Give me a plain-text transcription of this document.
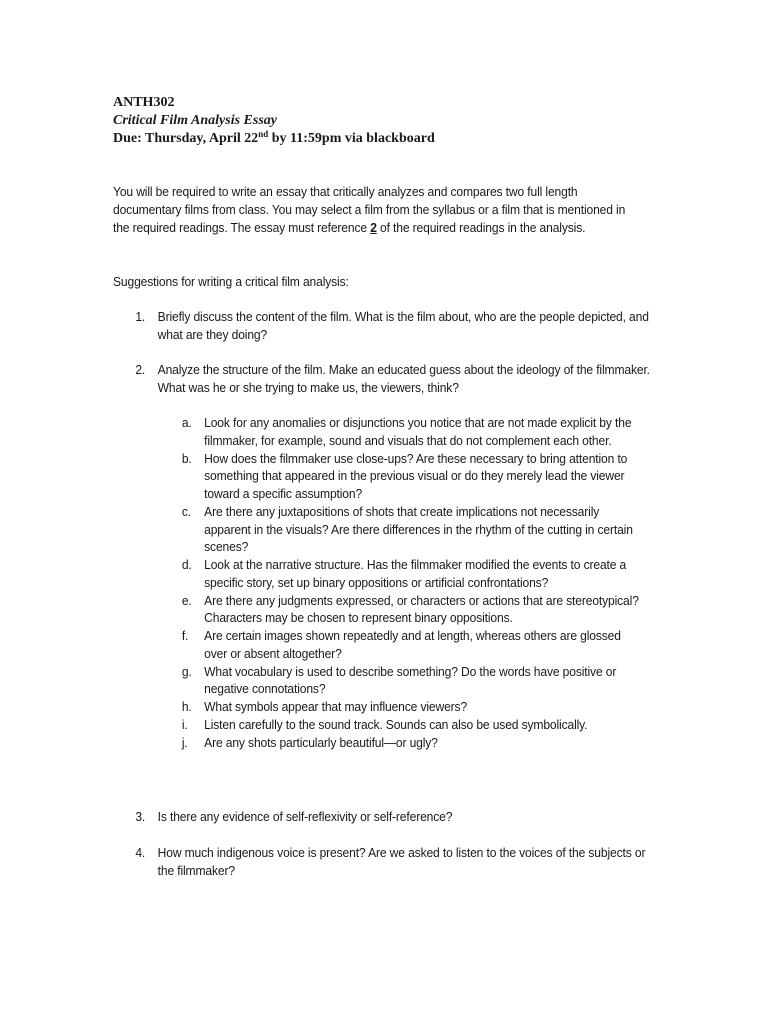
ANTH302
Critical Film Analysis Essay
Due: Thursday, April 22nd by 11:59pm via blackboard
You will be required to write an essay that critically analyzes and compares two full length documentary films from class. You may select a film from the syllabus or a film that is mentioned in the required readings. The essay must reference 2 of the required readings in the analysis.
Suggestions for writing a critical film analysis:
1. Briefly discuss the content of the film. What is the film about, who are the people depicted, and what are they doing?
2. Analyze the structure of the film. Make an educated guess about the ideology of the filmmaker. What was he or she trying to make us, the viewers, think?
a. Look for any anomalies or disjunctions you notice that are not made explicit by the filmmaker, for example, sound and visuals that do not complement each other.
b. How does the filmmaker use close-ups? Are these necessary to bring attention to something that appeared in the previous visual or do they merely lead the viewer toward a specific assumption?
c. Are there any juxtapositions of shots that create implications not necessarily apparent in the visuals? Are there differences in the rhythm of the cutting in certain scenes?
d. Look at the narrative structure. Has the filmmaker modified the events to create a specific story, set up binary oppositions or artificial confrontations?
e. Are there any judgments expressed, or characters or actions that are stereotypical? Characters may be chosen to represent binary oppositions.
f. Are certain images shown repeatedly and at length, whereas others are glossed over or absent altogether?
g. What vocabulary is used to describe something? Do the words have positive or negative connotations?
h. What symbols appear that may influence viewers?
i. Listen carefully to the sound track. Sounds can also be used symbolically.
j. Are any shots particularly beautiful—or ugly?
3. Is there any evidence of self-reflexivity or self-reference?
4. How much indigenous voice is present? Are we asked to listen to the voices of the subjects or the filmmaker?
